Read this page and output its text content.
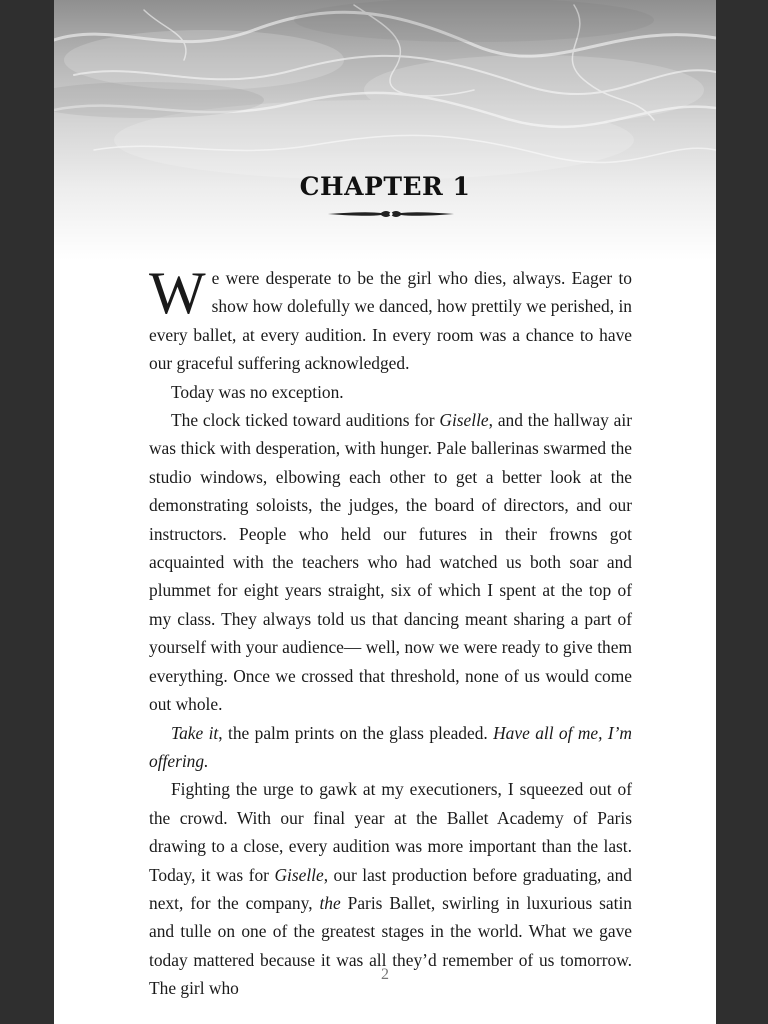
CHAPTER 1

We were desperate to be the girl who dies, always. Eager to show how dolefully we danced, how prettily we perished, in every ballet, at every audition. In every room was a chance to have our graceful suffering acknowledged.

Today was no exception.

The clock ticked toward auditions for Giselle, and the hallway air was thick with desperation, with hunger. Pale ballerinas swarmed the studio windows, elbowing each other to get a better look at the demonstrating soloists, the judges, the board of directors, and our instructors. People who held our futures in their frowns got acquainted with the teachers who had watched us both soar and plummet for eight years straight, six of which I spent at the top of my class. They always told us that dancing meant sharing a part of yourself with your audience— well, now we were ready to give them everything. Once we crossed that threshold, none of us would come out whole.

Take it, the palm prints on the glass pleaded. Have all of me, I’m offering.

Fighting the urge to gawk at my executioners, I squeezed out of the crowd. With our final year at the Ballet Academy of Paris drawing to a close, every audition was more important than the last. Today, it was for Giselle, our last production before graduating, and next, for the company, the Paris Ballet, swirling in luxurious satin and tulle on one of the greatest stages in the world. What we gave today mattered because it was all they’d remember of us tomorrow. The girl who

2
